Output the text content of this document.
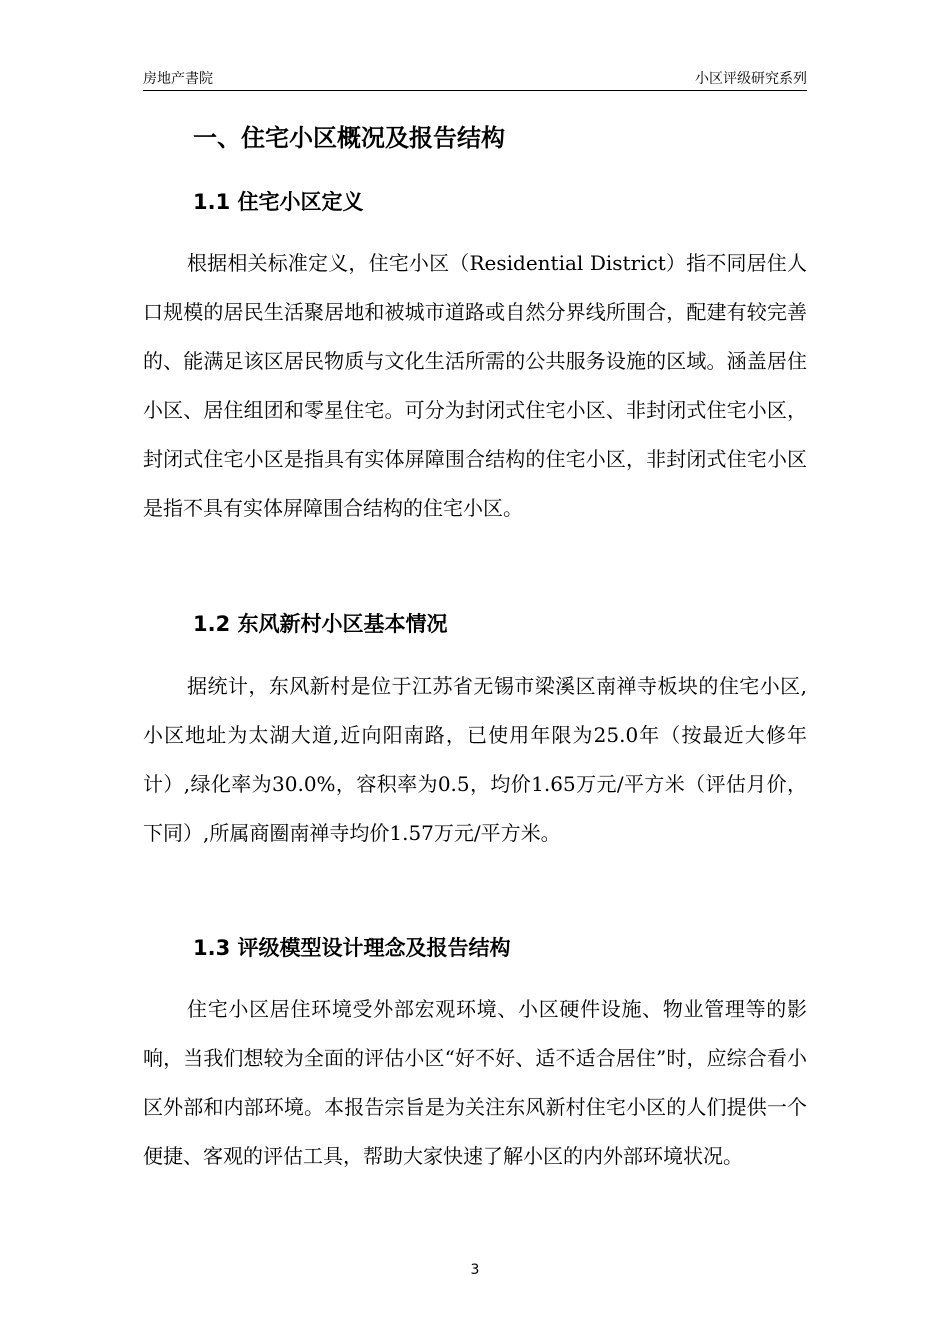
房地产書院	小区评级研究系列
一、住宅小区概况及报告结构
1.1 住宅小区定义

根据相关标准定义，住宅小区（Residential District）指不同居住人口规模的居民生活聚居地和被城市道路或自然分界线所围合，配建有较完善的、能满足该区居民物质与文化生活所需的公共服务设施的区域。涵盖居住小区、居住组团和零星住宅。可分为封闭式住宅小区、非封闭式住宅小区，封闭式住宅小区是指具有实体屏障围合结构的住宅小区，非封闭式住宅小区是指不具有实体屏障围合结构的住宅小区。

1.2 东风新村小区基本情况

据统计，东风新村是位于江苏省无锡市梁溪区南禅寺板块的住宅小区,小区地址为太湖大道,近向阳南路，已使用年限为25.0年（按最近大修年计）,绿化率为30.0%，容积率为0.5，均价1.65万元/平方米（评估月价，下同）,所属商圈南禅寺均价1.57万元/平方米。

1.3 评级模型设计理念及报告结构

住宅小区居住环境受外部宏观环境、小区硬件设施、物业管理等的影响，当我们想较为全面的评估小区“好不好、适不适合居住”时，应综合看小区外部和内部环境。本报告宗旨是为关注东风新村住宅小区的人们提供一个便捷、客观的评估工具，帮助大家快速了解小区的内外部环境状况。

3
